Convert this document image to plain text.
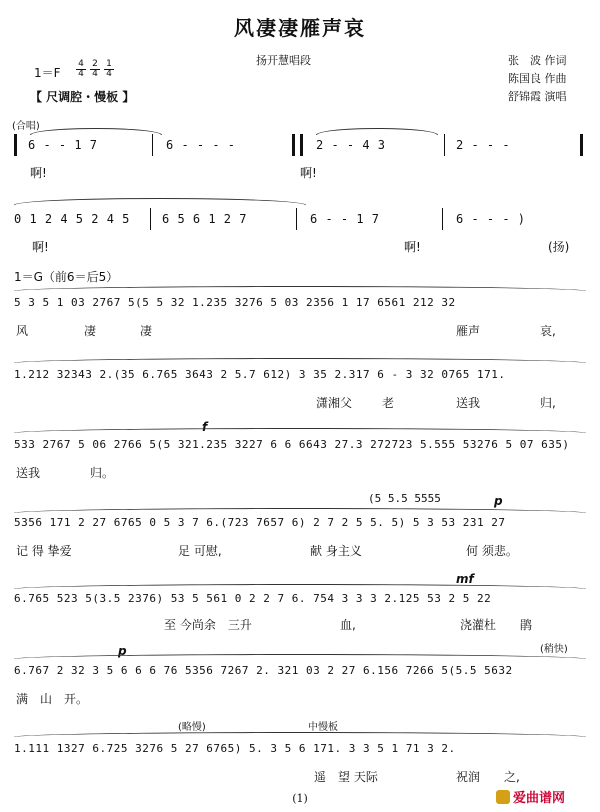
风凄凄雁声哀
扬开慧唱段	张　波 作词
陈国良 作曲
舒锦霞 演唱
$1=F \frac{4}{4} \frac{2}{4} \frac{1}{4}$
【 尺调腔・慢板 】
(合唱)
6 - - 1 7	6 - - - -	2 - - 4 3	2 - - -
啊!	啊!
0 1 2 4 5 2 4 5	6 5 6 1 2 7	6 - - 1 7	6 - - - )
啊!	啊!	(扬)
1＝G（前6＝后5）
5 3 5 1 03 2767 5(5 5 32 1.235 3276 5 03 2356 1 17 6561 212 32
风	凄	凄	雁声	哀,
1.212 32343 2.(35 6.765 3643 2 5.7 612) 3 35 2.317 6 - 3 32 0765 171.
潇湘父 老	送我	归,
f
533 2767 5 06 2766 5(5 321.235 3227 6 6 6643 27.3 272723 5.555 53276 5 07 635)
送我	归。
(5 5.5 5555	p
5356 171 2 27 6765 0 5 3 7 6.(723 7657 6) 2 7 2 5 5. 5) 5 3 53 231 27
记 得 挚爱	足 可慰,	献 身主义	何 须悲。
mf
6.765 523 5(3.5 2376) 53 5 561 0 2 2 7 6. 754 3 3 3 2.125 53 2 5 22
至 今尚余　三升	血,	浇灌杜　　鹃
p	(稍快)
6.767 2 32 3 5 6 6 6 76 5356 7267 2. 321 03 2 27 6.156 7266 5(5.5 5632
满　山　开。
(略慢)	中慢板
1.111 1327 6.725 3276 5 27 6765) 5. 3 5 6 171. 3 3 5 1 71 3 2.
遥　望 天际	祝润　　之,
(1)	爱曲谱网
